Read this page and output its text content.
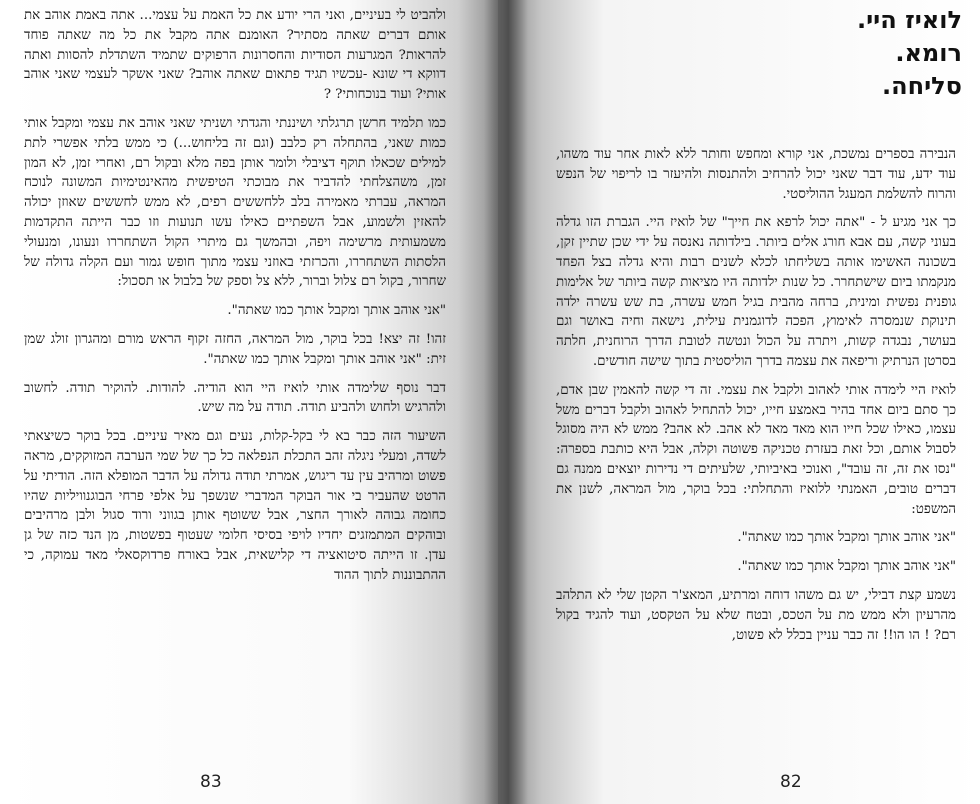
ולהביט לי בעיניים, ואני הרי יודע את כל האמת על עצמי... אתה באמת אוהב את אותם דברים שאתה מסתיר? האומנם אתה מקבל את כל מה שאתה פוחד להראות? המגרעות הסודיות והחסרונות הרפוקים שתמיד השתדלת להסוות ואתה דווקא די שונא -עכשיו תגיד פתאום שאתה אוהב? שאני אשקר לעצמי שאני אוהב אותי? ועוד בנוכחותי? ?

כמו תלמיד חרשן תרגלתי ושיננתי והגדתי ושניתי שאני אוהב את עצמי ומקבל אותי כמות שאני, בהתחלה רק כלבב (וגם זה בליחוש...) כי ממש בלתי אפשרי לתת למילים שכאלו תוקף דציבלי ולומר אותן בפה מלא ובקול רם, ואחרי זמן, לא המון זמן, משהצלחתי להדביר את מבוכתי הטיפשית מהאינטימיות המשונה לנוכח המראה, עברתי מאמירה בלב ללחששים רפים, לא ממש לחששים שאוזן יכולה להאזין ולשמוע, אבל השפתיים כאילו עשו תנועות וזו כבר הייתה התקדמות משמעותית מרשימה ויפה, ובהמשך גם מיתרי הקול השתחררו ונעונו, ומנעולי הלסתות השתחררו, והכרזתי באוזני עצמי מתוך חופש גמור ועם הקלה גדולה של שחרור, בקול רם צלול וברור, ללא צל וספק של בלבול או תסכול:

"אני אוהב אותך ומקבל אותך כמו שאתה".

זהו! זה יצא! בכל בוקר, מול המראה, החזה זקוף הראש מורם ומהגרון זולג שמן זית: "אני אוהב אותך ומקבל אותך כמו שאתה".

דבר נוסף שלימדה אותי לואיז היי הוא הודיה. להודות. להוקיר תודה. לחשוב ולהרגיש ולחוש ולהביע תודה. תודה על מה שיש.

השיעור הזה כבר בא לי בקל-קלות, נעים וגם מאיר עיניים. בכל בוקר כשיצאתי לשדה, ומעלי ניגלה זהב התכלת הנפלאה כל כך של שמי הערבה המזוקקים, מראה פשוט ומרהיב עין עד ריגוש, אמרתי תודה גדולה על הדבר המופלא הזה. הודיתי על הרטט שהעביר בי אור הבוקר המדברי שנשפך על אלפי פרחי הבוגנוויליות שהיו כחומה גבוהה לאורך החצר, אבל ששוטף אותן בגווני ורוד סגול ולבן מרהיבים ובוהקים המתמזגים יחדיו לויפי בסיסי חלומי שעטוף בפשטות, מן הנד כזה של גן עדן. זו הייתה סיטואציה די קלישאית, אבל באורח פרדוקסאלי מאד עמוקה, כי ההתבוננות לתוך ההוד

83
לואיז היי.
רומא.
סליחה.

הנבירה בספרים נמשכת, אני קורא ומחפש וחותר ללא לאות אחר עוד משהו, עוד ידע, עוד דבר שאני יכול להרחיב ולהתנסות ולהיעזר בו לריפוי של הנפש והרוח להשלמת המעגל ההוליסטי.

כך אני מגיע ל - "אתה יכול לרפא את חייך" של לואיז היי. הגברת הזו גדלה בעוני קשה, עם אבא חורג אלים ביותר. בילדותה נאנסה על ידי שכן שתיין זקן, בשכונה האשימו אותה בשליחתו לכלא לשנים רבות והיא גדלה בצל הפחד מנקמתו ביום שישתחרר. כל שנות ילדותה היו מציאות קשה ביותר של אלימות גופנית נפשית ומינית, ברחה מהבית בגיל חמש עשרה, בת שש עשרה ילדה תינוקת שנמסרה לאימוץ, הפכה לדוגמנית עילית, נישאה וחיה באושר וגם בעושר, נבגדה קשות, ויתרה על הכול ונטשה לטובת הדרך הרוחנית, חלתה בסרטן הנרתיק וריפאה את עצמה בדרך הוליסטית בתוך שישה חודשים.

לואיז היי לימדה אותי לאהוב ולקבל את עצמי. זה די קשה להאמין שבן אדם, כך סתם ביום אחד בהיר באמצע חייו, יכול להתחיל לאהוב ולקבל דברים משל עצמו, כאילו שכל חייו הוא מאד מאד לא אהב. לא אהב? ממש לא היה מסוגל לסבול אותם, וכל זאת בעזרת טכניקה פשוטה וקלה, אבל היא כותבת בספרה: "נסו את זה, זה עובד", ואנוכי באיביותי, שלעיתים די נדירות יוצאים ממנה גם דברים טובים, האמנתי ללואיז והתחלתי: בכל בוקר, מול המראה, לשנן את המשפט:

"אני אוהב אותך ומקבל אותך כמו שאתה".

"אני אוהב אותך ומקבל אותך כמו שאתה".

נשמע קצת דבילי, יש גם משהו דוחה ומרתיע, המאצ'ר הקטן שלי לא התלהב מהרעיון ולא ממש מת על הטכס, ובטח שלא על הטקסט, ועוד להגיד בקול רם? ! הו הו!! זה כבר עניין בכלל לא פשוט,

82
